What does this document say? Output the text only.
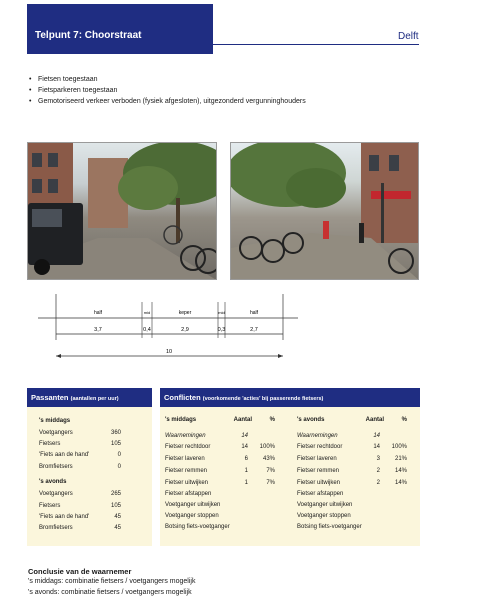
Telpunt 7: Choorstraat	Delft
• Fietsen toegestaan
• Fietsparkeren toegestaan
• Gemotoriseerd verkeer verboden (fysiek afgesloten), uitgezonderd vergunninghouders
half	mid	keper	mid	half
3,7	0,4	2,9	0,3	2,7
10
Passanten (aantallen per uur)
's middags
Voetgangers	360
Fietsers	105
'Fiets aan de hand'	0
Bromfietsers	0
's avonds
Voetgangers	265
Fietsers	105
'Fiets aan de hand'	45
Bromfietsers	45
Conflicten (voorkomende 'acties' bij passerende fietsers)
's middags	Aantal	%
Waarnemingen	14
Fietser rechtdoor	14	100%
Fietser laveren	6	43%
Fietser remmen	1	7%
Fietser uitwijken	1	7%
Fietser afstappen
Voetganger uitwijken
Voetganger stoppen
Botsing fiets-voetganger
's avonds	Aantal	%
Waarnemingen	14
Fietser rechtdoor	14	100%
Fietser laveren	3	21%
Fietser remmen	2	14%
Fietser uitwijken	2	14%
Fietser afstappen
Voetganger uitwijken
Voetganger stoppen
Botsing fiets-voetganger
Conclusie van de waarnemer
's middags: combinatie fietsers / voetgangers mogelijk
's avonds: combinatie fietsers / voetgangers mogelijk
